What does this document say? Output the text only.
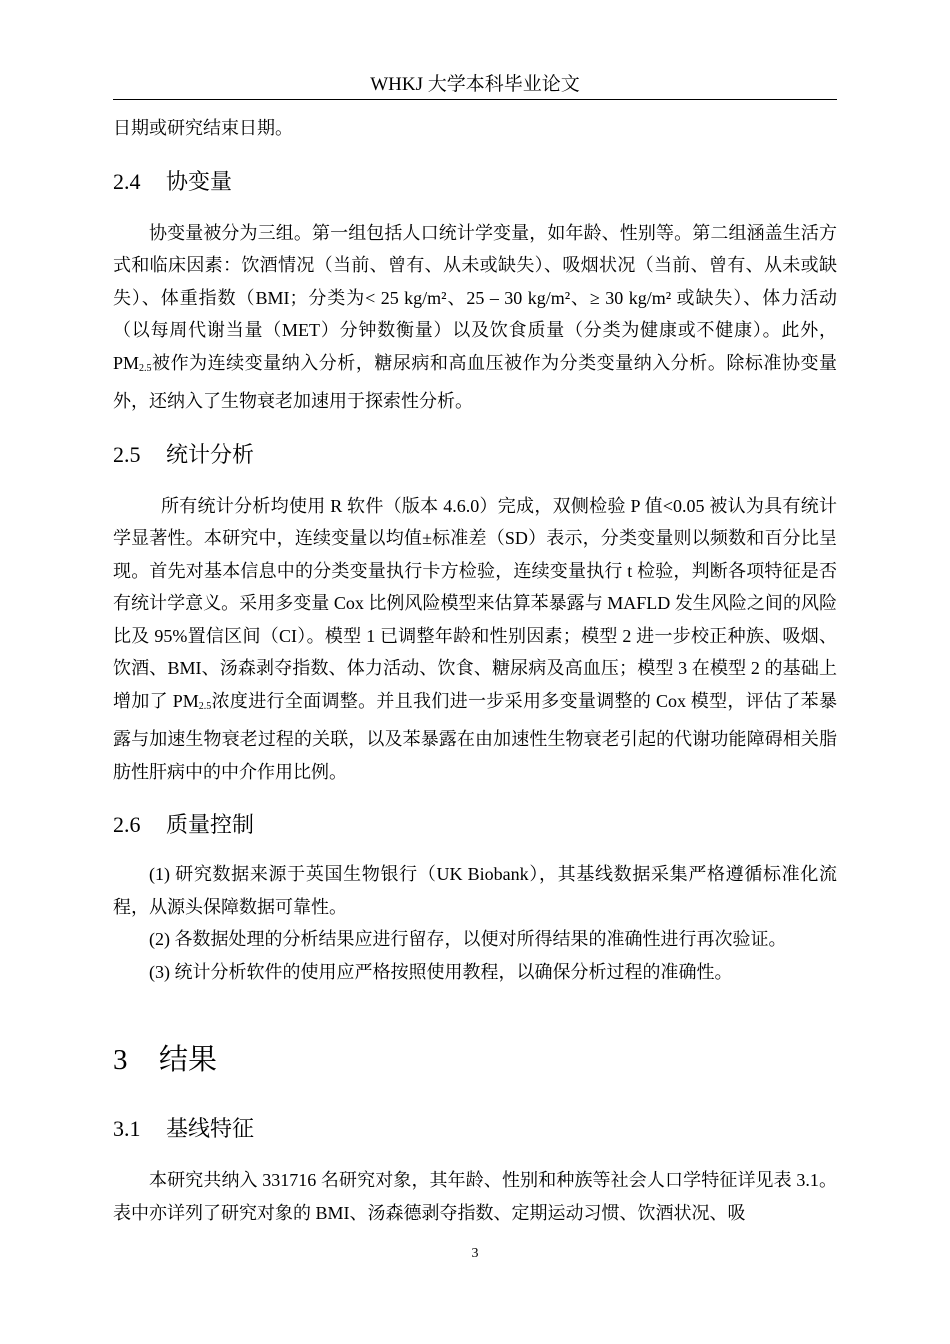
WHKJ 大学本科毕业论文

日期或研究结束日期。

2.4 协变量

协变量被分为三组。第一组包括人口统计学变量，如年龄、性别等。第二组涵盖生活方式和临床因素：饮酒情况（当前、曾有、从未或缺失）、吸烟状况（当前、曾有、从未或缺失）、体重指数（BMI；分类为< 25 kg/m²、25 – 30 kg/m²、≥ 30 kg/m² 或缺失）、体力活动（以每周代谢当量（MET）分钟数衡量）以及饮食质量（分类为健康或不健康）。此外，$PM_{2.5}$被作为连续变量纳入分析，糖尿病和高血压被作为分类变量纳入分析。除标准协变量外，还纳入了生物衰老加速用于探索性分析。

2.5 统计分析

所有统计分析均使用 R 软件（版本 4.6.0）完成，双侧检验 P 值<0.05 被认为具有统计学显著性。本研究中，连续变量以均值±标准差（SD）表示，分类变量则以频数和百分比呈现。首先对基本信息中的分类变量执行卡方检验，连续变量执行 t 检验，判断各项特征是否有统计学意义。采用多变量 Cox 比例风险模型来估算苯暴露与 MAFLD 发生风险之间的风险比及 95%置信区间（CI）。模型 1 已调整年龄和性别因素；模型 2 进一步校正种族、吸烟、饮酒、BMI、汤森剥夺指数、体力活动、饮食、糖尿病及高血压；模型 3 在模型 2 的基础上增加了 $PM_{2.5}$浓度进行全面调整。并且我们进一步采用多变量调整的 Cox 模型，评估了苯暴露与加速生物衰老过程的关联，以及苯暴露在由加速性生物衰老引起的代谢功能障碍相关脂肪性肝病中的中介作用比例。

2.6 质量控制

(1) 研究数据来源于英国生物银行（UK Biobank），其基线数据采集严格遵循标准化流程，从源头保障数据可靠性。

(2) 各数据处理的分析结果应进行留存，以便对所得结果的准确性进行再次验证。

(3) 统计分析软件的使用应严格按照使用教程，以确保分析过程的准确性。

3 结果
3.1 基线特征

本研究共纳入 331716 名研究对象，其年龄、性别和种族等社会人口学特征详见表 3.1。表中亦详列了研究对象的 BMI、汤森德剥夺指数、定期运动习惯、饮酒状况、吸

3
